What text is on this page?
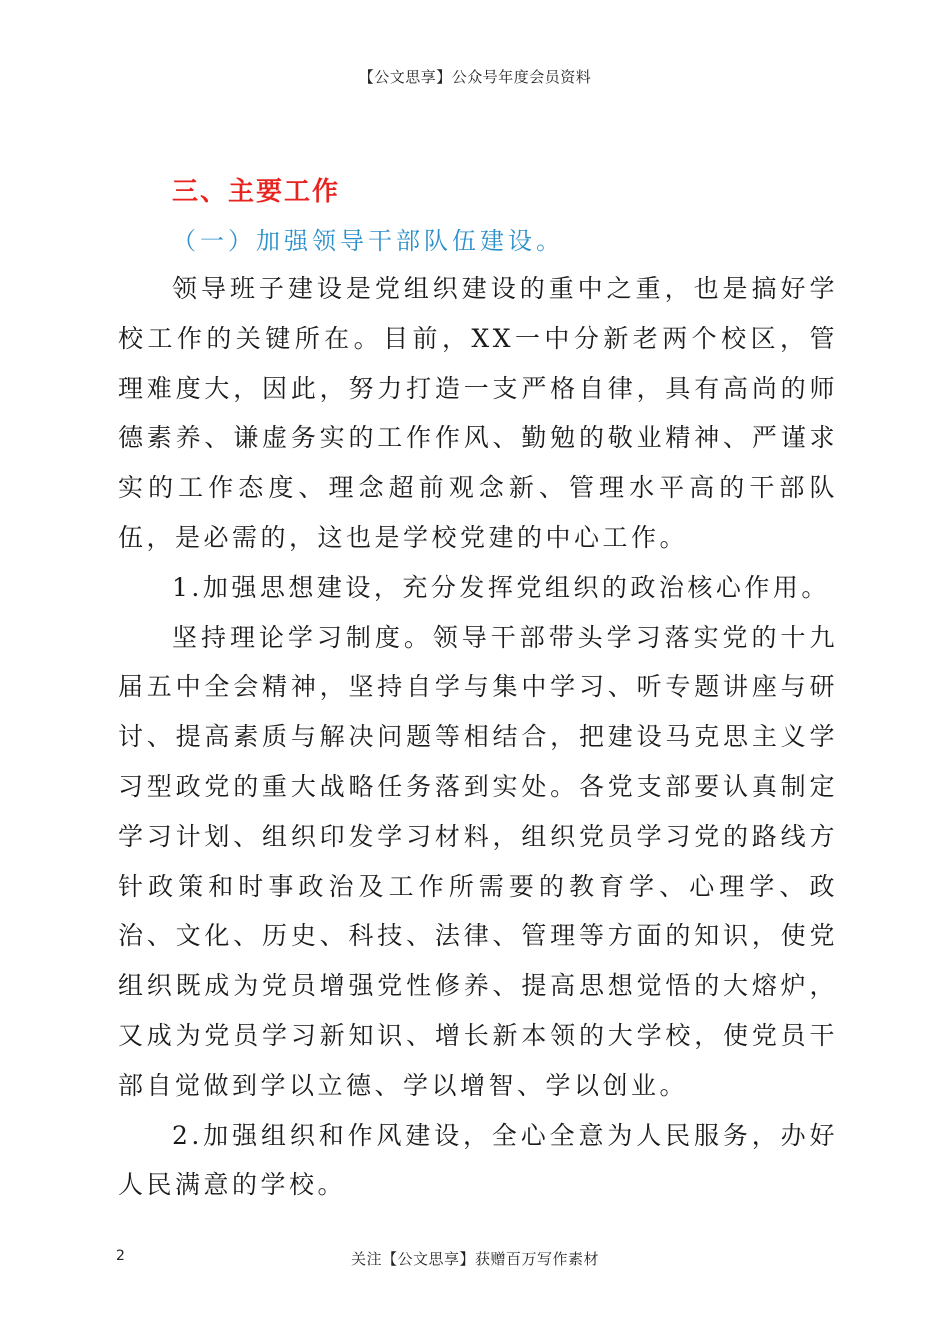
【公文思享】公众号年度会员资料
三、主要工作
（一）加强领导干部队伍建设。

领导班子建设是党组织建设的重中之重，也是搞好学校工作的关键所在。目前，XX一中分新老两个校区，管理难度大，因此，努力打造一支严格自律，具有高尚的师德素养、谦虚务实的工作作风、勤勉的敬业精神、严谨求实的工作态度、理念超前观念新、管理水平高的干部队伍，是必需的，这也是学校党建的中心工作。

1.加强思想建设，充分发挥党组织的政治核心作用。

坚持理论学习制度。领导干部带头学习落实党的十九届五中全会精神，坚持自学与集中学习、听专题讲座与研讨、提高素质与解决问题等相结合，把建设马克思主义学习型政党的重大战略任务落到实处。各党支部要认真制定学习计划、组织印发学习材料，组织党员学习党的路线方针政策和时事政治及工作所需要的教育学、心理学、政治、文化、历史、科技、法律、管理等方面的知识，使党组织既成为党员增强党性修养、提高思想觉悟的大熔炉，又成为党员学习新知识、增长新本领的大学校，使党员干部自觉做到学以立德、学以增智、学以创业。

2.加强组织和作风建设，全心全意为人民服务，办好人民满意的学校。

2	关注【公文思享】获赠百万写作素材
